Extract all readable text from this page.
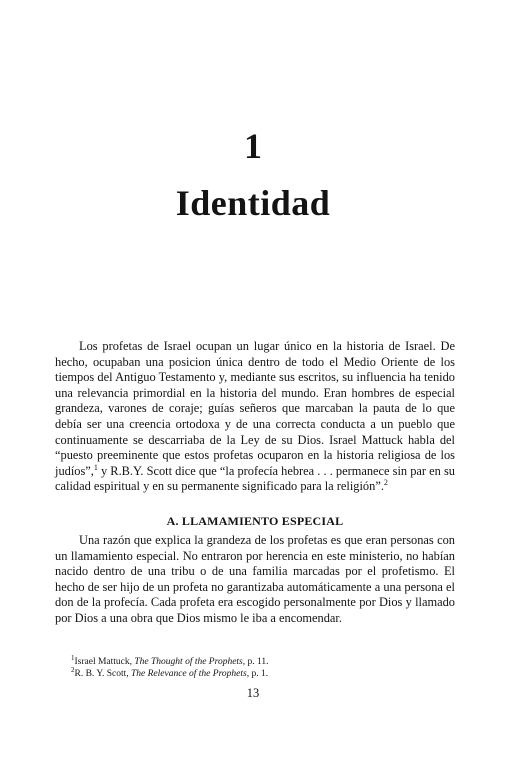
1
Identidad

Los profetas de Israel ocupan un lugar único en la historia de Israel. De hecho, ocupaban una posicion única dentro de todo el Medio Oriente de los tiempos del Antiguo Testamento y, mediante sus escritos, su influencia ha tenido una relevancia primordial en la historia del mundo. Eran hombres de especial grandeza, varones de coraje; guías señeros que marcaban la pauta de lo que debía ser una creencia ortodoxa y de una correcta conducta a un pueblo que continuamente se descarriaba de la Ley de su Dios. Israel Mattuck habla del “puesto preeminente que estos profetas ocuparon en la historia religiosa de los judíos”,$^1$ y R.B.Y. Scott dice que “la profecía hebrea . . . permanece sin par en su calidad espiritual y en su permanente significado para la religión”.$^2$

A. LLAMAMIENTO ESPECIAL

Una razón que explica la grandeza de los profetas es que eran personas con un llamamiento especial. No entraron por herencia en este ministerio, no habían nacido dentro de una tribu o de una familia marcadas por el profetismo. El hecho de ser hijo de un profeta no garantizaba automáticamente a una persona el don de la profecía. Cada profeta era escogido personalmente por Dios y llamado por Dios a una obra que Dios mismo le iba a encomendar.

$^1$Israel Mattuck, The Thought of the Prophets, p. 11.
$^2$R. B. Y. Scott, The Relevance of the Prophets, p. 1.
13
